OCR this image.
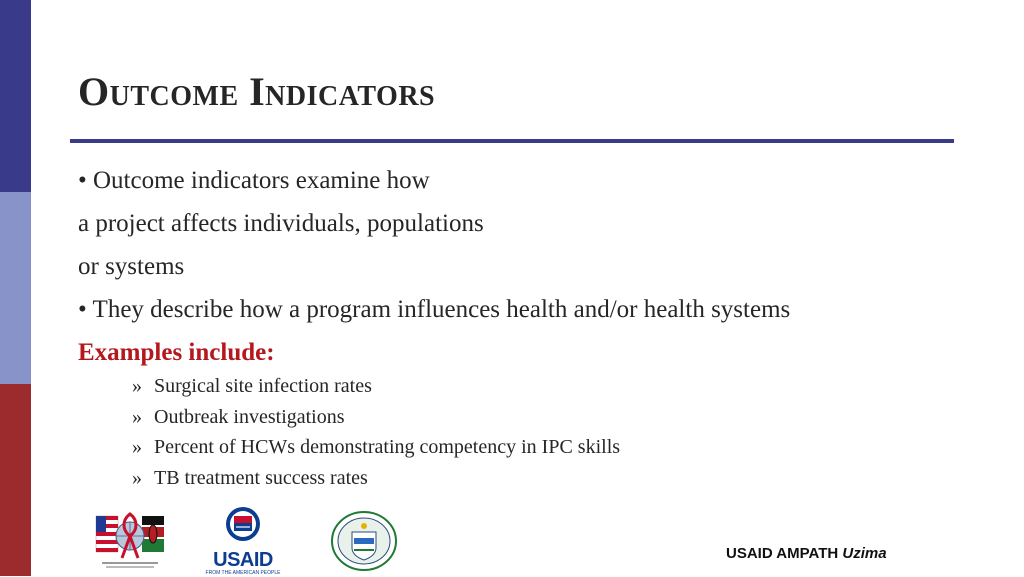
Outcome Indicators
• Outcome indicators examine how
a project affects individuals, populations
or systems
• They describe how a program influences health and/or health systems
Examples include:
» Surgical site infection rates
» Outbreak investigations
» Percent of HCWs demonstrating competency in IPC skills
» TB treatment success rates
USAID
FROM THE AMERICAN PEOPLE
USAID AMPATH Uzima
